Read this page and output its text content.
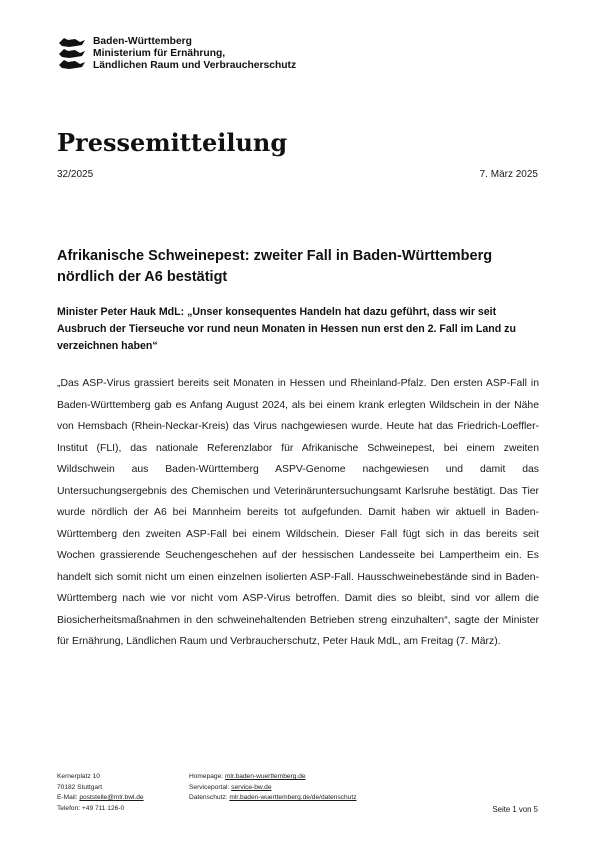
Baden-Württemberg
Ministerium für Ernährung,
Ländlichen Raum und Verbraucherschutz
Pressemitteilung
32/2025	7. März 2025
Afrikanische Schweinepest: zweiter Fall in Baden-Württemberg nördlich der A6 bestätigt

Minister Peter Hauk MdL: „Unser konsequentes Handeln hat dazu geführt, dass wir seit Ausbruch der Tierseuche vor rund neun Monaten in Hessen nun erst den 2. Fall im Land zu verzeichnen haben“

„Das ASP-Virus grassiert bereits seit Monaten in Hessen und Rheinland-Pfalz. Den ersten ASP-Fall in Baden-Württemberg gab es Anfang August 2024, als bei einem krank erlegten Wildschein in der Nähe von Hemsbach (Rhein-Neckar-Kreis) das Virus nachgewiesen wurde. Heute hat das Friedrich-Loeffler-Institut (FLI), das nationale Referenzlabor für Afrikanische Schweinepest, bei einem zweiten Wildschwein aus Baden-Württemberg ASPV-Genome nachgewiesen und damit das Untersuchungsergebnis des Chemischen und Veterinäruntersuchungsamt Karlsruhe bestätigt. Das Tier wurde nördlich der A6 bei Mannheim bereits tot aufgefunden. Damit haben wir aktuell in Baden-Württemberg den zweiten ASP-Fall bei einem Wildschein. Dieser Fall fügt sich in das bereits seit Wochen grassierende Seuchengeschehen auf der hessischen Landesseite bei Lampertheim ein. Es handelt sich somit nicht um einen einzelnen isolierten ASP-Fall. Hausschweinebestände sind in Baden-Württemberg nach wie vor nicht vom ASP-Virus betroffen. Damit dies so bleibt, sind vor allem die Biosicherheitsmaßnahmen in den schweinehaltenden Betrieben streng einzuhalten“, sagte der Minister für Ernährung, Ländlichen Raum und Verbraucherschutz, Peter Hauk MdL, am Freitag (7. März).

Kernerplatz 10
70182 Stuttgart
E-Mail: poststelle@mlr.bwl.de
Telefon: +49 711 126-0
Homepage: mlr.baden-wuerttemberg.de
Serviceportal: service-bw.de
Datenschutz: mlr.baden-wuerttemberg.de/de/datenschutz
Seite 1 von 5
